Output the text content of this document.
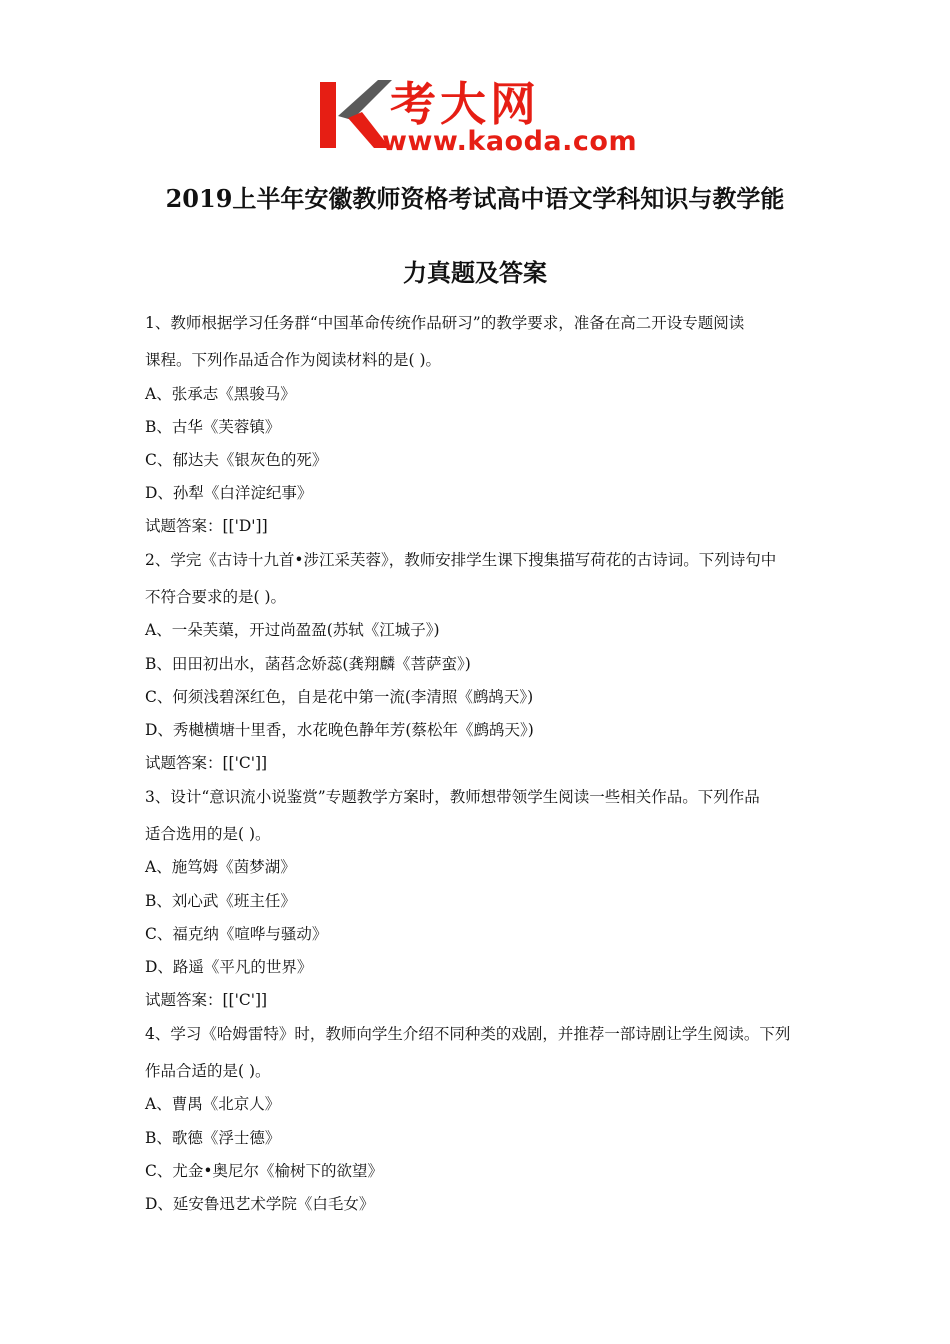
考大网
www.kaoda.com
2019上半年安徽教师资格考试高中语文学科知识与教学能
力真题及答案
1、教师根据学习任务群“中国革命传统作品研习”的教学要求，准备在高二开设专题阅读
课程。下列作品适合作为阅读材料的是( )。
A、张承志《黑骏马》
B、古华《芙蓉镇》
C、郁达夫《银灰色的死》
D、孙犁《白洋淀纪事》
试题答案：[['D']]
2、学完《古诗十九首•涉江采芙蓉》，教师安排学生课下搜集描写荷花的古诗词。下列诗句中
不符合要求的是( )。
A、一朵芙蕖，开过尚盈盈(苏轼《江城子》)
B、田田初出水，菡萏念娇蕊(龚翔麟《菩萨蛮》)
C、何须浅碧深红色，自是花中第一流(李清照《鹧鸪天》)
D、秀樾横塘十里香，水花晚色静年芳(蔡松年《鹧鸪天》)
试题答案：[['C']]
3、设计“意识流小说鉴赏”专题教学方案时，教师想带领学生阅读一些相关作品。下列作品
适合选用的是( )。
A、施笃姆《茵梦湖》
B、刘心武《班主任》
C、福克纳《喧哗与骚动》
D、路遥《平凡的世界》
试题答案：[['C']]
4、学习《哈姆雷特》时，教师向学生介绍不同种类的戏剧，并推荐一部诗剧让学生阅读。下列
作品合适的是( )。
A、曹禺《北京人》
B、歌德《浮士德》
C、尤金•奥尼尔《榆树下的欲望》
D、延安鲁迅艺术学院《白毛女》
